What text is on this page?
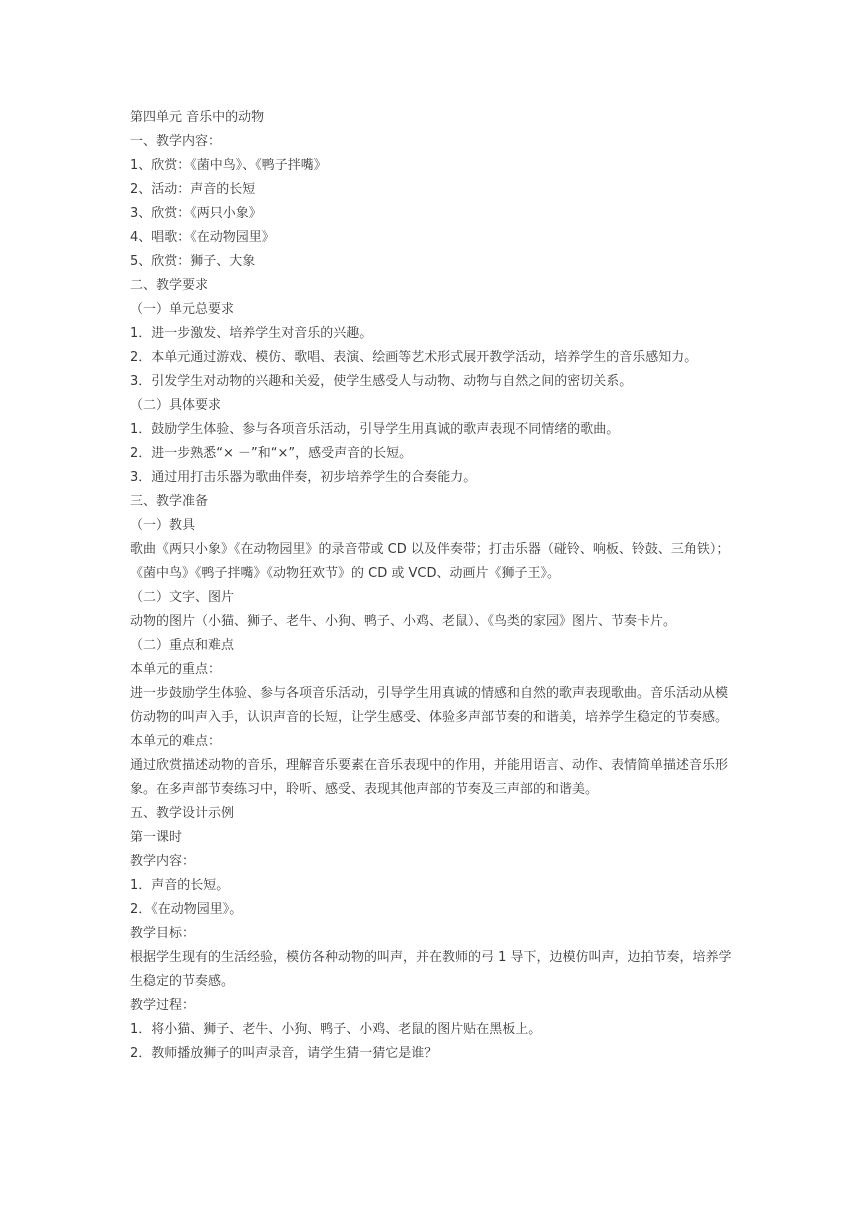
第四单元 音乐中的动物

一、教学内容：

1、欣赏：《菌中鸟》、《鸭子拌嘴》

2、活动：声音的长短

3、欣赏：《两只小象》

4、唱歌：《在动物园里》

5、欣赏：狮子、大象

二、教学要求

（一）单元总要求

1．进一步激发、培养学生对音乐的兴趣。

2．本单元通过游戏、模仿、歌唱、表演、绘画等艺术形式展开教学活动，培养学生的音乐感知力。

3．引发学生对动物的兴趣和关爱，使学生感受人与动物、动物与自然之间的密切关系。

（二）具体要求

1．鼓励学生体验、参与各项音乐活动，引导学生用真诚的歌声表现不同情绪的歌曲。

2．进一步熟悉“× －”和“×”，感受声音的长短。

3．通过用打击乐器为歌曲伴奏，初步培养学生的合奏能力。

三、教学准备

（一）教具

歌曲《两只小象》《在动物园里》的录音带或 CD 以及伴奏带；打击乐器（碰铃、响板、铃鼓、三角铁）；《菌中鸟》《鸭子拌嘴》《动物狂欢节》的 CD 或 VCD、动画片《狮子王》。

（二）文字、图片

动物的图片（小猫、狮子、老牛、小狗、鸭子、小鸡、老鼠）、《鸟类的家园》图片、节奏卡片。

（二）重点和难点

本单元的重点：

进一步鼓励学生体验、参与各项音乐活动，引导学生用真诚的情感和自然的歌声表现歌曲。音乐活动从模仿动物的叫声入手，认识声音的长短，让学生感受、体验多声部节奏的和谐美，培养学生稳定的节奏感。

本单元的难点：

通过欣赏描述动物的音乐，理解音乐要素在音乐表现中的作用，并能用语言、动作、表情简单描述音乐形象。在多声部节奏练习中，聆听、感受、表现其他声部的节奏及三声部的和谐美。

五、教学设计示例

第一课时

教学内容：

1．声音的长短。

2．《在动物园里》。

教学目标：

根据学生现有的生活经验，模仿各种动物的叫声，并在教师的弓 1 导下，边模仿叫声，边拍节奏，培养学生稳定的节奏感。

教学过程：

1．将小猫、狮子、老牛、小狗、鸭子、小鸡、老鼠的图片贴在黑板上。

2．教师播放狮子的叫声录音，请学生猜一猜它是谁？
